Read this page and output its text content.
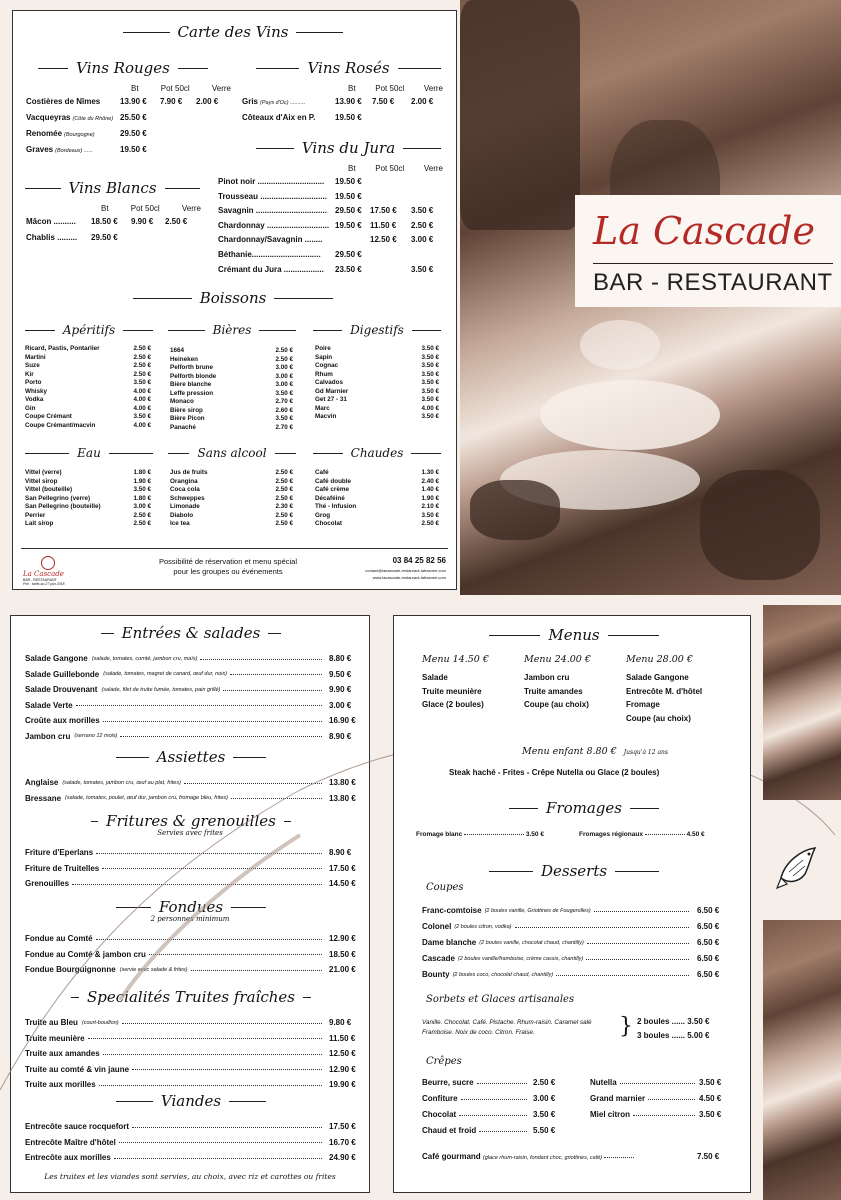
Carte des Vins
Vins Rouges
Bt	Pot 50cl	Verre
Costières de Nîmes 13.90 € 7.90 € 2.00 €
Vacqueyras (Côte du Rhône) 25.50 €
Renomée (Bourgogne)	29.50 €
Graves (Bordeaux) ......	19.50 €
Vins Rosés
Bt Pot 50cl Verre
Gris (Pays d'Oc) ..........	13.90 € 7.50 € 2.00 €
Côteaux d'Aix en P. 19.50 €
Vins Blancs
Bt	Pot 50cl	Verre
Mâcon .......... 18.50 € 9.90 € 2.50 €
Chablis ......... 29.50 €
Vins du Jura
Bt Pot 50cl Verre
Pinot noir .............................. 19.50 €
Trousseau .............................. 19.50 €
Savagnin ................................ 29.50 € 17.50 € 3.50 €
Chardonnay ............................ 19.50 € 11.50 € 2.50 €
Chardonnay/Savagnin ........	12.50 € 3.00 €
Béthanie............................... 29.50 €
Crémant du Jura .................. 23.50 €	3.50 €
Boissons
Apéritifs
Ricard, Pastis, Pontarlier	2.50 €
Martini	2.50 €
Suze	2.50 €
Kir	2.50 €
Porto	3.50 €
Whisky	4.00 €
Vodka	4.00 €
Gin	4.00 €
Coupe Crémant	3.50 €
Coupe Crémant/macvin	4.00 €
Bières
1664	2.50 €
Heineken	2.50 €
Pelforth brune	3.00 €
Pelforth blonde	3.00 €
Bière blanche	3.00 €
Leffe pression	3.50 €
Monaco	2.70 €
Bière sirop	2.60 €
Bière Picon	3.50 €
Panaché	2.70 €
Digestifs
Poire	3.50 €
Sapin	3.50 €
Cognac	3.50 €
Rhum	3.50 €
Calvados	3.50 €
Gd Marnier	3.50 €
Get 27 - 31	3.50 €
Marc	4.00 €
Macvin	3.50 €
Eau
Vittel (verre)	1.80 €
Vittel sirop	1.90 €
Vittel (bouteille)	3.50 €
San Pellegrino (verre)	1.80 €
San Pellegrino (bouteille)	3.00 €
Perrier	2.50 €
Lait sirop	2.50 €
Sans alcool
Jus de fruits	2.50 €
Orangina	2.50 €
Coca cola	2.50 €
Schweppes	2.50 €
Limonade	2.30 €
Diabolo	2.50 €
Ice tea	2.50 €
Chaudes
Café	1.30 €
Café double	2.40 €
Café crème	1.40 €
Décaféiné	1.90 €
Thé - Infusion	2.10 €
Grog	3.50 €
Chocolat	2.50 €
La Cascade
BAR - RESTAURANT
Prix : tarifs au 27 juin 2018
Possibilité de réservation et menu spécial
pour les groupes ou événements
03 84 25 82 56
contact@lacascade-restaurant-lafrasnee.com
www.lacascade-restaurant-lafrasnee.com
La Cascade
BAR - RESTAURANT
Entrées & salades
Salade Gangone (salade, tomates, comté, jambon cru, maïs)	8.80 €
Salade Guillebonde (salade, tomates, magret de canard, œuf dur, noix)	9.50 €
Salade Drouvenant (salade, filet de truite fumée, tomates, pain grillé)	9.90 €
Salade Verte	3.00 €
Croûte aux morilles	16.90 €
Jambon cru (serrano 12 mois)	8.90 €
Assiettes
Anglaise (salade, tomates, jambon cru, œuf au plat, frites)	13.80 €
Bressane (salade, tomates, poulet, œuf dur, jambon cru, fromage bleu, frites)	13.80 €
Fritures & grenouilles
Servies avec frites
Friture d'Eperlans	8.90 €
Friture de Truitelles	17.50 €
Grenouilles	14.50 €
Fondues
2 personnes minimum
Fondue au Comté	12.90 €
Fondue au Comté & jambon cru	18.50 €
Fondue Bourguignonne (servie avec salade & frites)	21.00 €
Specialités Truites fraîches
Truite au Bleu (court-bouillon)	9.80 €
Truite meunière	11.50 €
Truite aux amandes	12.50 €
Truite au comté & vin jaune	12.90 €
Truite aux morilles	19.90 €
Viandes
Entrecôte sauce rocquefort	17.50 €
Entrecôte Maître d'hôtel	16.70 €
Entrecôte aux morilles	24.90 €
Les truites et les viandes sont servies, au choix, avec riz et carottes ou frites
Menus
Menu 14.50 €
Salade
Truite meunière
Glace (2 boules)
Menu 24.00 €
Jambon cru
Truite amandes
Coupe (au choix)
Menu 28.00 €
Salade Gangone
Entrecôte M. d'hôtel
Fromage
Coupe (au choix)
Menu enfant 8.80 € Jusqu'à 12 ans
Steak haché - Frites - Crêpe Nutella ou Glace (2 boules)
Fromages
Fromage blanc	3.50 €	Fromages régionaux	4.50 €
Desserts
Coupes
Franc-comtoise (2 boules vanille, Griottines de Fougerolles)	6.50 €
Colonel (2 boules citron, vodka)	6.50 €
Dame blanche (2 boules vanille, chocolat chaud, chantilly)	6.50 €
Cascade (2 boules vanille/framboise, crème cassis, chantilly)	6.50 €
Bounty (2 boules coco, chocolat chaud, chantilly)	6.50 €
Sorbets et Glaces artisanales
Vanille. Chocolat. Café. Pistache. Rhum-raisin. Caramel salé
Framboise. Noix de coco. Citron. Fraise.	} 2 boules ...... 3.50 €
3 boules ...... 5.00 €
Crêpes
Beurre, sucre	2.50 €
Confiture	3.00 €
Chocolat	3.50 €
Chaud et froid	5.50 €
Nutella	3.50 €
Grand marnier	4.50 €
Miel citron	3.50 €
Café gourmand (glace rhum-raisin, fondant choc, griottines, café)	7.50 €
